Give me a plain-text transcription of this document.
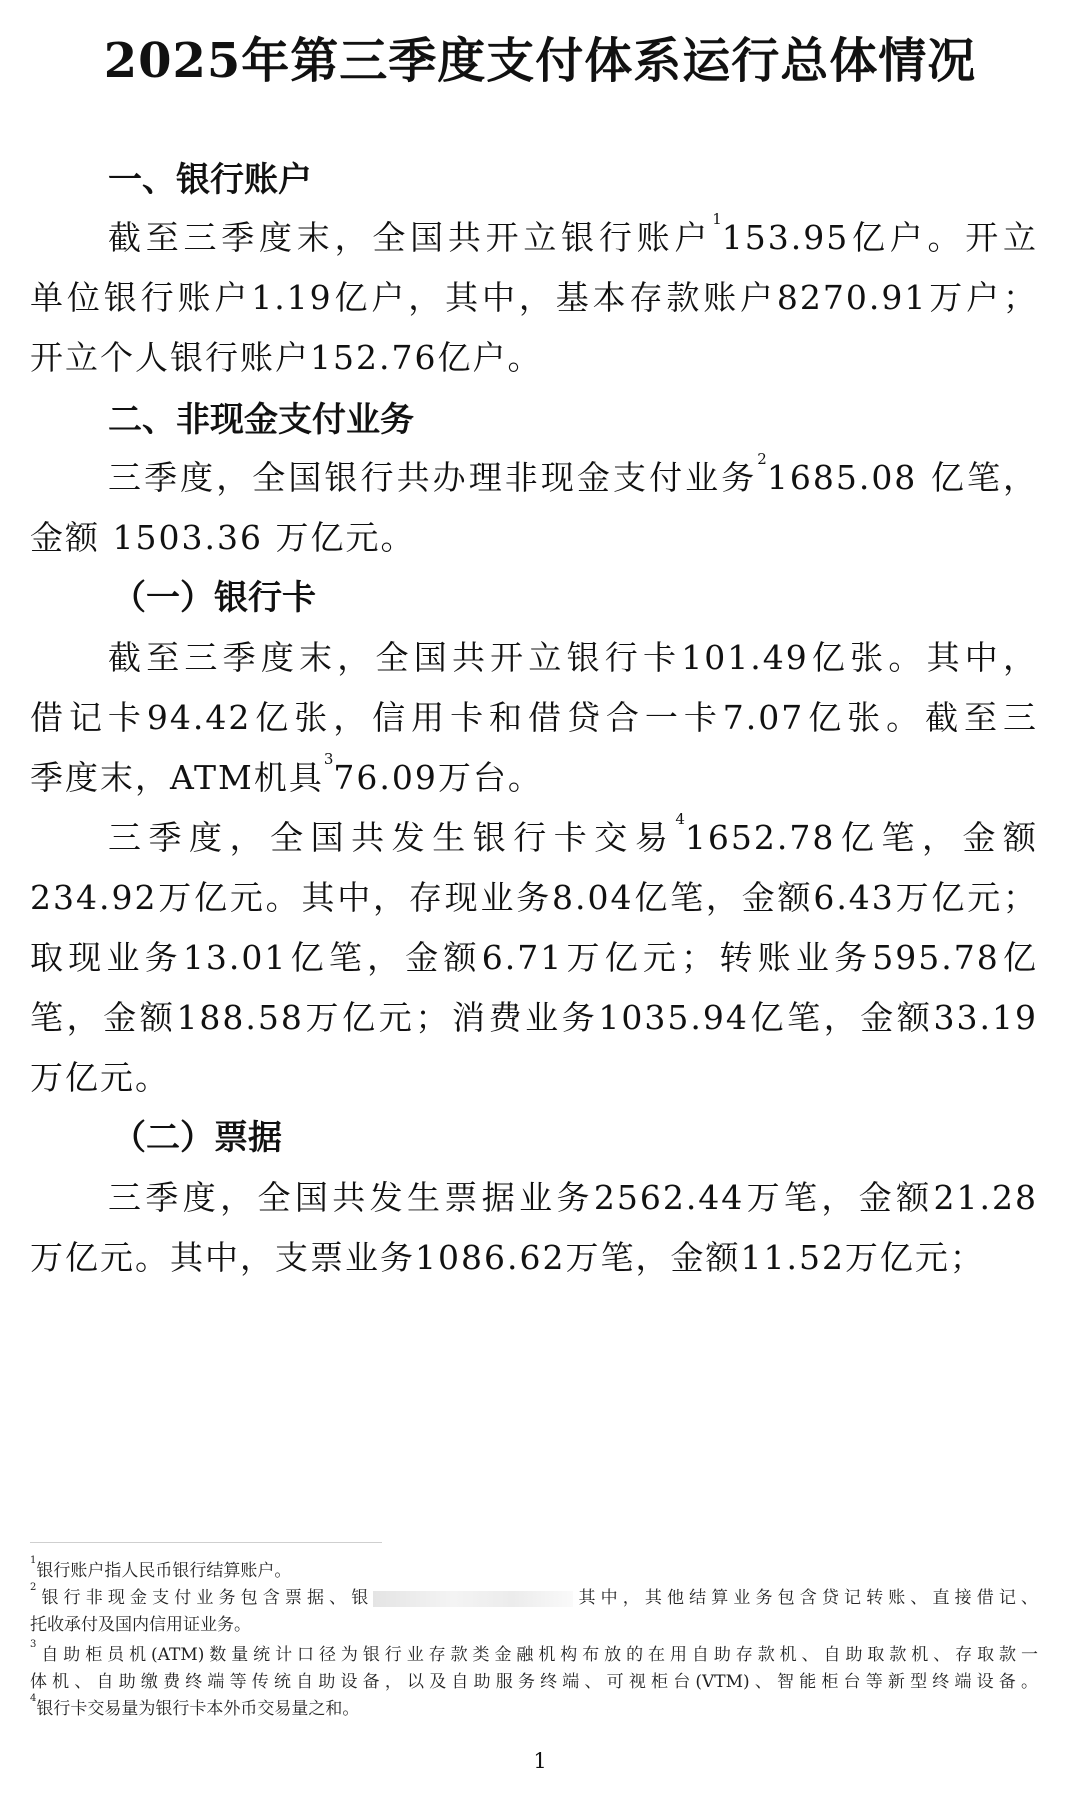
2025年第三季度支付体系运行总体情况
一、银行账户
截至三季度末，全国共开立银行账户$^1$153.95亿户。开立
单位银行账户1.19亿户，其中，基本存款账户8270.91万户；
开立个人银行账户152.76亿户。
二、非现金支付业务
三季度，全国银行共办理非现金支付业务$^2$1685.08 亿笔，
金额 1503.36 万亿元。
（一）银行卡
截至三季度末，全国共开立银行卡101.49亿张。其中，
借记卡94.42亿张，信用卡和借贷合一卡7.07亿张。截至三
季度末，ATM机具$^3$76.09万台。
三季度，全国共发生银行卡交易$^4$1652.78亿笔，金额
234.92万亿元。其中，存现业务8.04亿笔，金额6.43万亿元；
取现业务13.01亿笔，金额6.71万亿元；转账业务595.78亿
笔，金额188.58万亿元；消费业务1035.94亿笔，金额33.19
万亿元。
（二）票据
三季度，全国共发生票据业务2562.44万笔，金额21.28
万亿元。其中，支票业务1086.62万笔，金额11.52万亿元；
$^1$银行账户指人民币银行结算账户。
$^2$银行非现金支付业务包含票据、银	其中，其他结算业务包含贷记转账、直接借记、
托收承付及国内信用证业务。
$^3$自助柜员机(ATM)数量统计口径为银行业存款类金融机构布放的在用自助存款机、自助取款机、存取款一
体机、自助缴费终端等传统自助设备，以及自助服务终端、可视柜台(VTM)、智能柜台等新型终端设备。
$^4$银行卡交易量为银行卡本外币交易量之和。
1
